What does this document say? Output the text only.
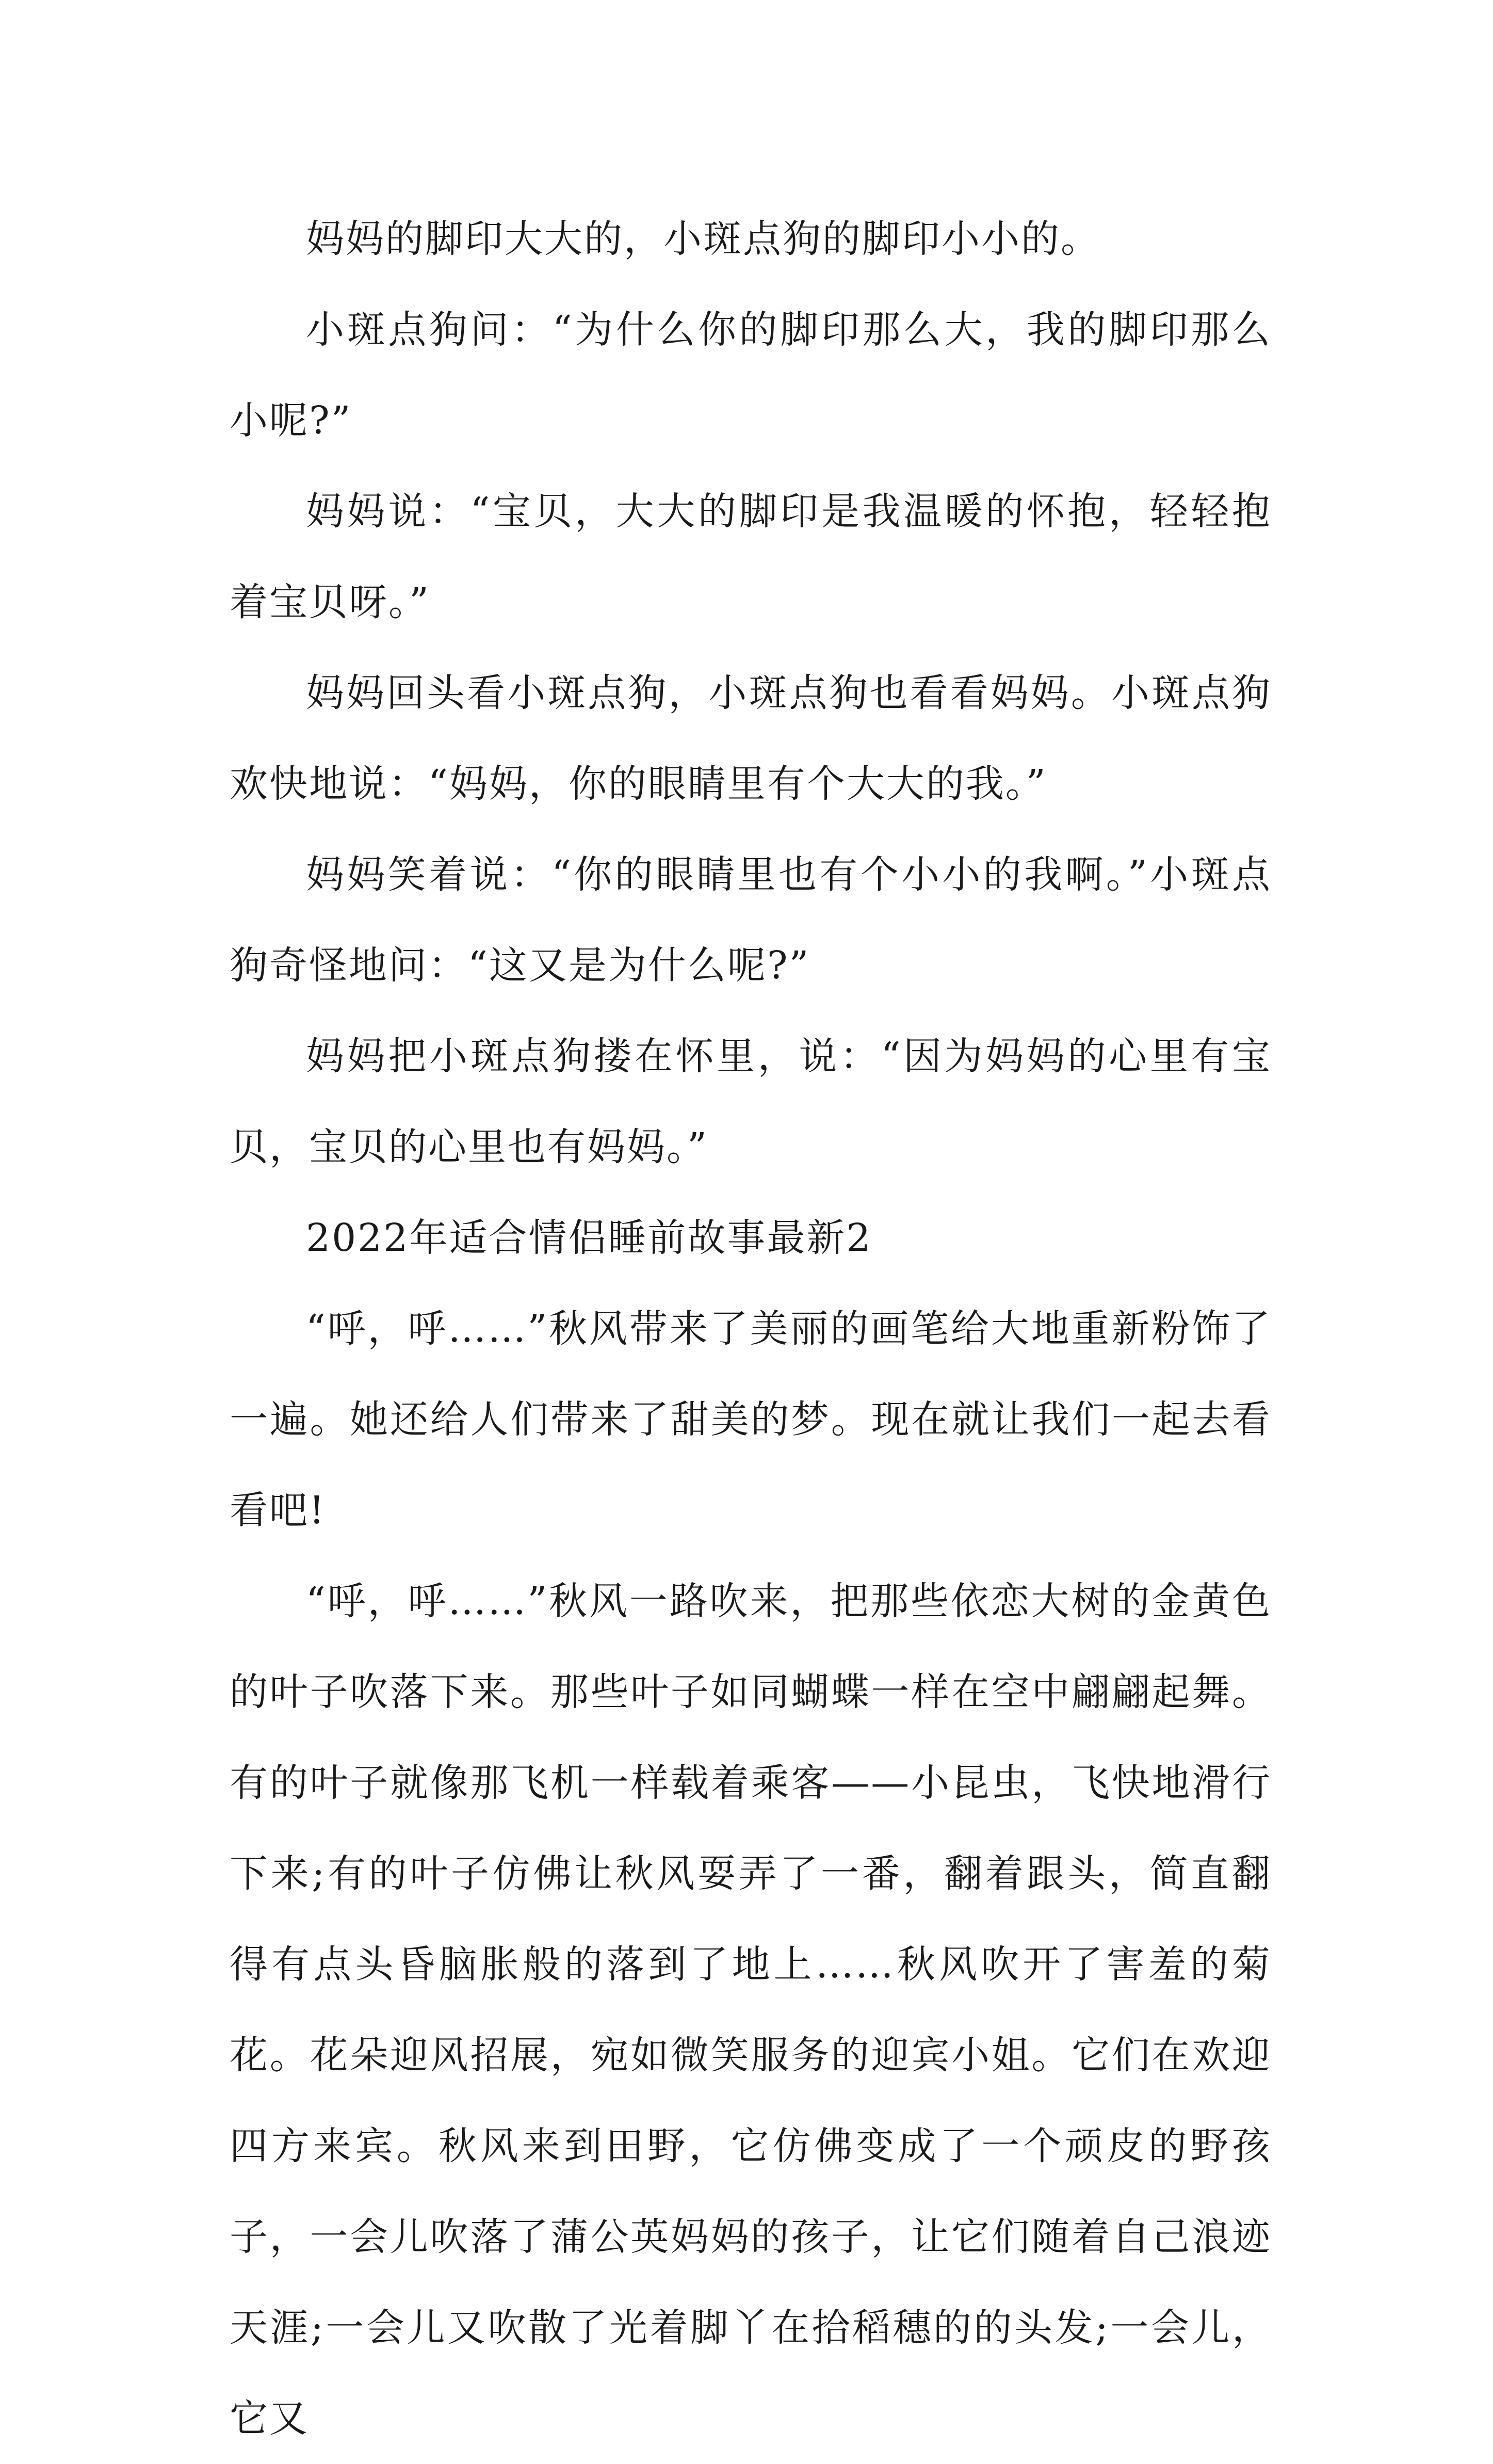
妈妈的脚印大大的，小斑点狗的脚印小小的。

小斑点狗问：“为什么你的脚印那么大，我的脚印那么小呢?”

妈妈说：“宝贝，大大的脚印是我温暖的怀抱，轻轻抱着宝贝呀。”

妈妈回头看小斑点狗，小斑点狗也看看妈妈。小斑点狗欢快地说：“妈妈，你的眼睛里有个大大的我。”

妈妈笑着说：“你的眼睛里也有个小小的我啊。”小斑点狗奇怪地问：“这又是为什么呢?”

妈妈把小斑点狗搂在怀里，说：“因为妈妈的心里有宝贝，宝贝的心里也有妈妈。”

2022年适合情侣睡前故事最新2

“呼，呼……”秋风带来了美丽的画笔给大地重新粉饰了一遍。她还给人们带来了甜美的梦。现在就让我们一起去看看吧!

“呼，呼……”秋风一路吹来，把那些依恋大树的金黄色的叶子吹落下来。那些叶子如同蝴蝶一样在空中翩翩起舞。有的叶子就像那飞机一样载着乘客——小昆虫，飞快地滑行下来;有的叶子仿佛让秋风耍弄了一番，翻着跟头，简直翻得有点头昏脑胀般的落到了地上……秋风吹开了害羞的菊花。花朵迎风招展，宛如微笑服务的迎宾小姐。它们在欢迎四方来宾。秋风来到田野，它仿佛变成了一个顽皮的野孩子，一会儿吹落了蒲公英妈妈的孩子，让它们随着自己浪迹天涯;一会儿又吹散了光着脚丫在拾稻穗的的头发;一会儿，它又
